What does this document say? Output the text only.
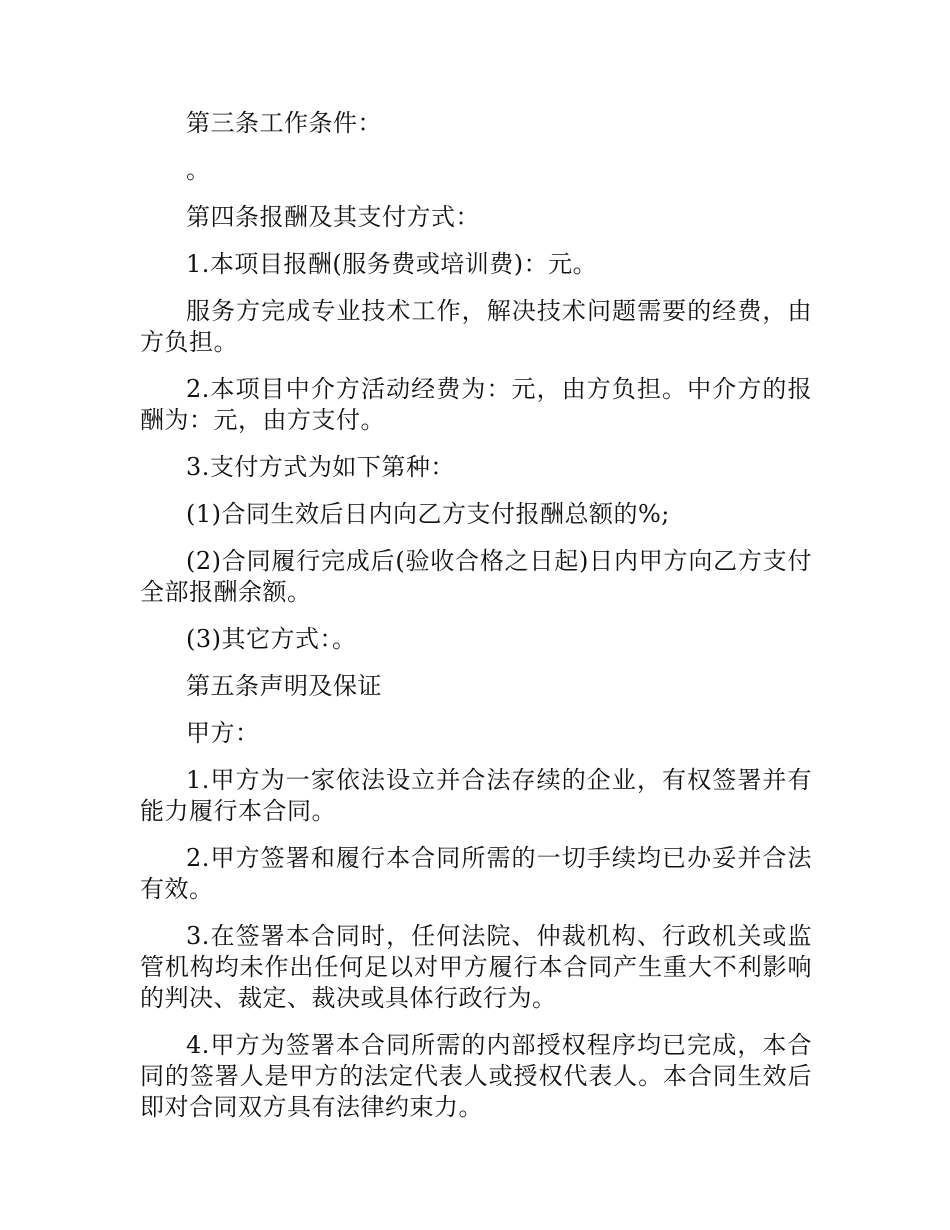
第三条工作条件：

。

第四条报酬及其支付方式：

1.本项目报酬(服务费或培训费)：元。

服务方完成专业技术工作，解决技术问题需要的经费，由方负担。

2.本项目中介方活动经费为：元，由方负担。中介方的报酬为：元，由方支付。

3.支付方式为如下第种：

(1)合同生效后日内向乙方支付报酬总额的%;

(2)合同履行完成后(验收合格之日起)日内甲方向乙方支付全部报酬余额。

(3)其它方式：。

第五条声明及保证

甲方：

1.甲方为一家依法设立并合法存续的企业，有权签署并有能力履行本合同。

2.甲方签署和履行本合同所需的一切手续均已办妥并合法有效。

3.在签署本合同时，任何法院、仲裁机构、行政机关或监管机构均未作出任何足以对甲方履行本合同产生重大不利影响的判决、裁定、裁决或具体行政行为。

4.甲方为签署本合同所需的内部授权程序均已完成，本合同的签署人是甲方的法定代表人或授权代表人。本合同生效后即对合同双方具有法律约束力。
